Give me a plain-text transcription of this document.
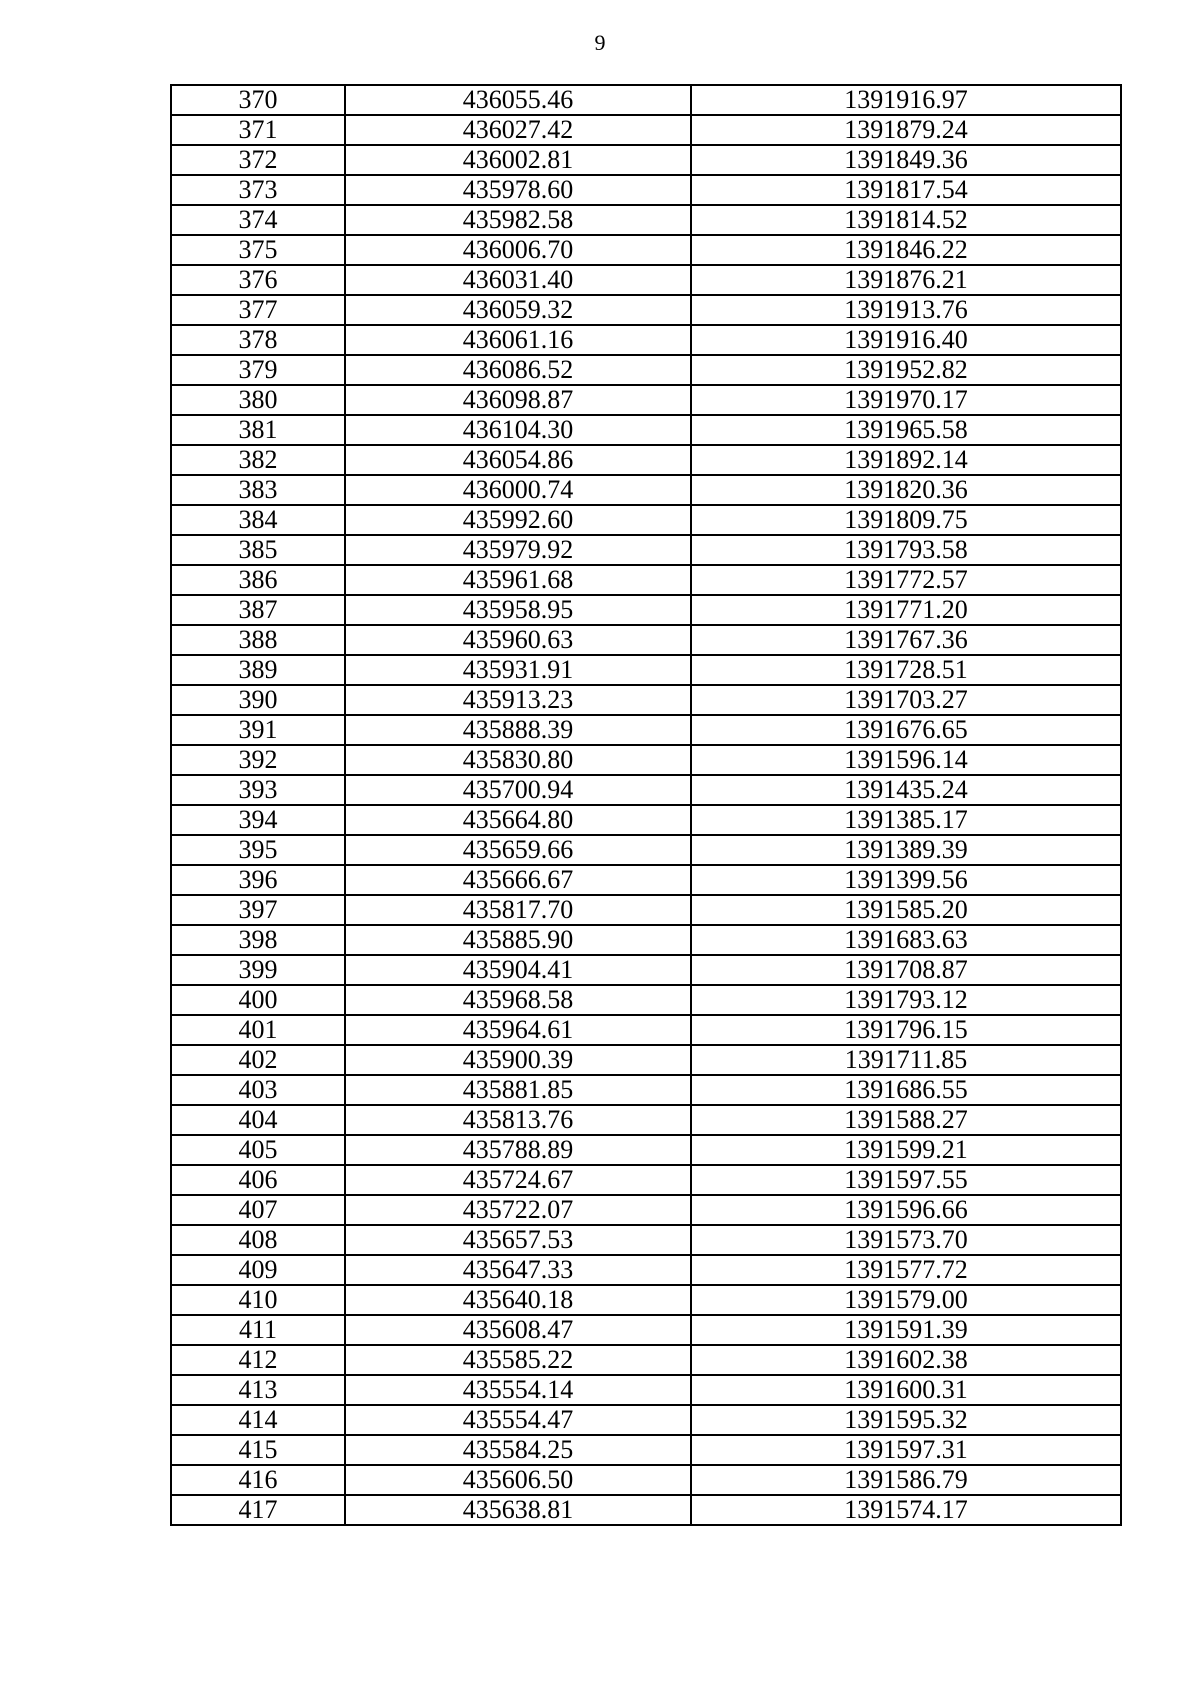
9
370	436055.46	1391916.97
371	436027.42	1391879.24
372	436002.81	1391849.36
373	435978.60	1391817.54
374	435982.58	1391814.52
375	436006.70	1391846.22
376	436031.40	1391876.21
377	436059.32	1391913.76
378	436061.16	1391916.40
379	436086.52	1391952.82
380	436098.87	1391970.17
381	436104.30	1391965.58
382	436054.86	1391892.14
383	436000.74	1391820.36
384	435992.60	1391809.75
385	435979.92	1391793.58
386	435961.68	1391772.57
387	435958.95	1391771.20
388	435960.63	1391767.36
389	435931.91	1391728.51
390	435913.23	1391703.27
391	435888.39	1391676.65
392	435830.80	1391596.14
393	435700.94	1391435.24
394	435664.80	1391385.17
395	435659.66	1391389.39
396	435666.67	1391399.56
397	435817.70	1391585.20
398	435885.90	1391683.63
399	435904.41	1391708.87
400	435968.58	1391793.12
401	435964.61	1391796.15
402	435900.39	1391711.85
403	435881.85	1391686.55
404	435813.76	1391588.27
405	435788.89	1391599.21
406	435724.67	1391597.55
407	435722.07	1391596.66
408	435657.53	1391573.70
409	435647.33	1391577.72
410	435640.18	1391579.00
411	435608.47	1391591.39
412	435585.22	1391602.38
413	435554.14	1391600.31
414	435554.47	1391595.32
415	435584.25	1391597.31
416	435606.50	1391586.79
417	435638.81	1391574.17
